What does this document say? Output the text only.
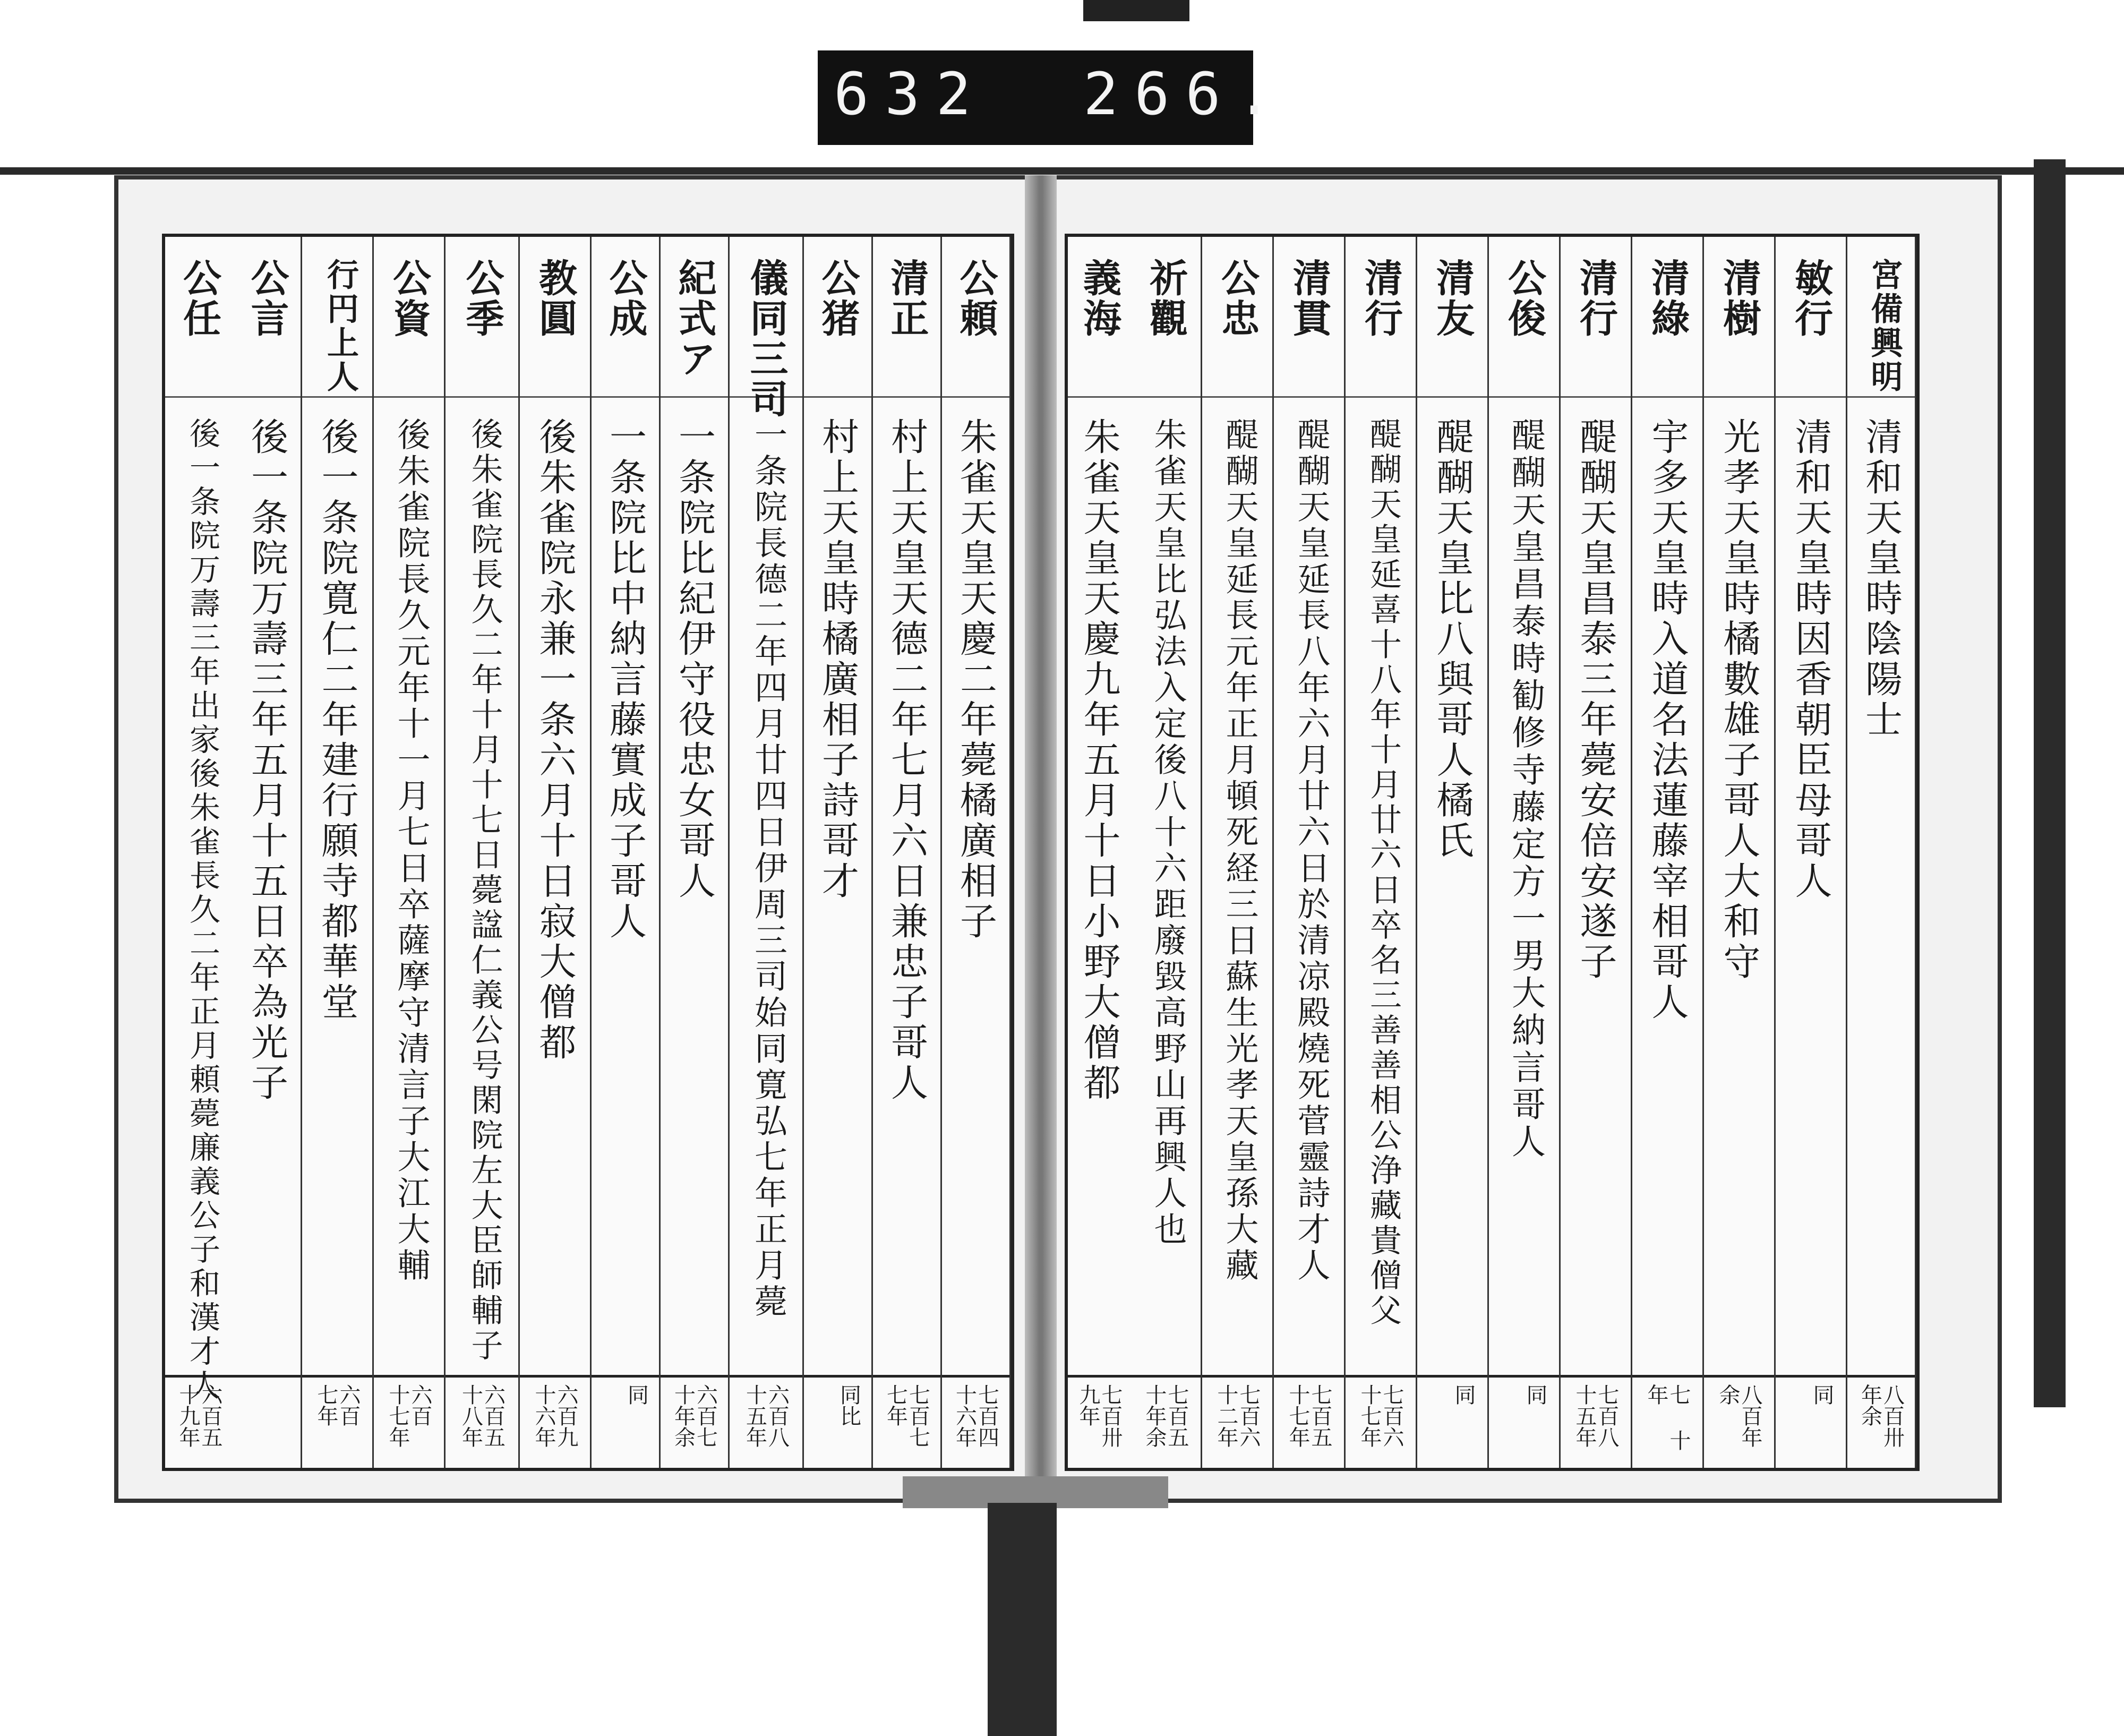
632 266.
公頼
朱雀天皇天慶二年薨橘廣相子
七百四 十六年
清正
村上天皇天德二年七月六日兼忠子哥人
七百七 七年
公猪
村上天皇時橘廣相子詩哥才
同比
儀同三司
一条院長德二年四月廿四日伊周三司始同寛弘七年正月薨
六百八 十五年
紀式ア
一条院比紀伊守役忠女哥人
六百七 十年余
公成
一条院比中納言藤實成子哥人
同
教圓
後朱雀院永兼一条六月十日寂大僧都
六百九 十六年
公季
後朱雀院長久二年十月十七日薨諡仁義公号閑院左大臣師輔子
六百五 十八年
公資
後朱雀院長久元年十一月七日卒薩摩守清言子大江大輔
六百 十七年
行円上人
後一条院寛仁二年建行願寺都華堂
六百 七年
公言
後一条院万壽三年五月十五日卒為光子
公任
後一条院万壽三年出家後朱雀長久二年正月頼薨廉義公子和漢才人
六百五 十九年
宮備興明
清和天皇時陰陽士
八百卅 年余
敏行
清和天皇時因香朝臣母哥人
同
清樹
光孝天皇時橘數雄子哥人大和守
八百年 余
清綠
宇多天皇時入道名法蓮藤宰相哥人
七 十年
清行
醍醐天皇昌泰三年薨安倍安遂子
七百八 十五年
公俊
醍醐天皇昌泰時勧修寺藤定方一男大納言哥人
同
清友
醍醐天皇比八與哥人橘氏
同
清行
醍醐天皇延喜十八年十月廿六日卒名三善善相公浄藏貴僧父
七百六 十七年
清貫
醍醐天皇延長八年六月廿六日於清凉殿燒死菅靈詩才人
七百五 十七年
公忠
醍醐天皇延長元年正月頓死経三日蘇生光孝天皇孫大藏
七百六 十二年
祈觀
朱雀天皇比弘法入定後八十六距廢毀高野山再興人也
七百五 十年余
義海
朱雀天皇天慶九年五月十日小野大僧都
七百卅 九年
